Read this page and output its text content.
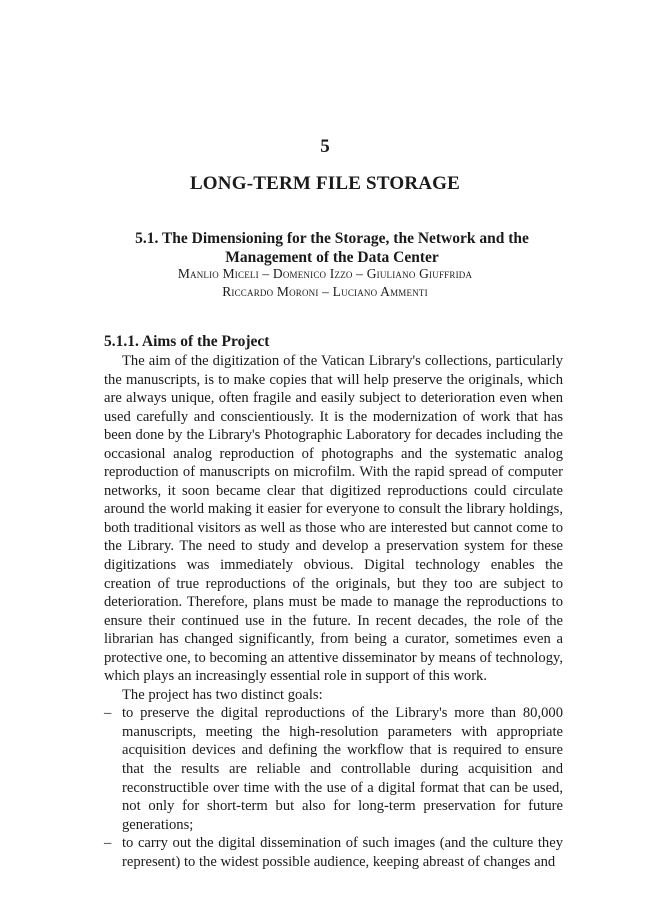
5
LONG-TERM FILE STORAGE
5.1. The Dimensioning for the Storage, the Network and the Management of the Data Center
Manlio Miceli – Domenico Izzo – Giuliano Giuffrida
Riccardo Moroni – Luciano Ammenti
5.1.1. Aims of the Project

The aim of the digitization of the Vatican Library's collections, particularly the manuscripts, is to make copies that will help preserve the originals, which are always unique, often fragile and easily subject to deterioration even when used carefully and conscientiously. It is the modernization of work that has been done by the Library's Photographic Laboratory for decades including the occasional analog reproduction of photographs and the systematic analog reproduction of manuscripts on microfilm. With the rapid spread of computer networks, it soon became clear that digitized reproductions could circulate around the world making it easier for everyone to consult the library holdings, both traditional visitors as well as those who are interested but cannot come to the Library. The need to study and develop a preservation system for these digitizations was immediately obvious. Digital technology enables the creation of true reproductions of the originals, but they too are subject to deterioration. Therefore, plans must be made to manage the reproductions to ensure their continued use in the future. In recent decades, the role of the librarian has changed significantly, from being a curator, sometimes even a protective one, to becoming an attentive disseminator by means of technology, which plays an increasingly essential role in support of this work.

The project has two distinct goals:

– to preserve the digital reproductions of the Library's more than 80,000 manuscripts, meeting the high-resolution parameters with appropriate acquisition devices and defining the workflow that is required to ensure that the results are reliable and controllable during acquisition and reconstructible over time with the use of a digital format that can be used, not only for short-term but also for long-term preservation for future generations;
– to carry out the digital dissemination of such images (and the culture they represent) to the widest possible audience, keeping abreast of changes and
